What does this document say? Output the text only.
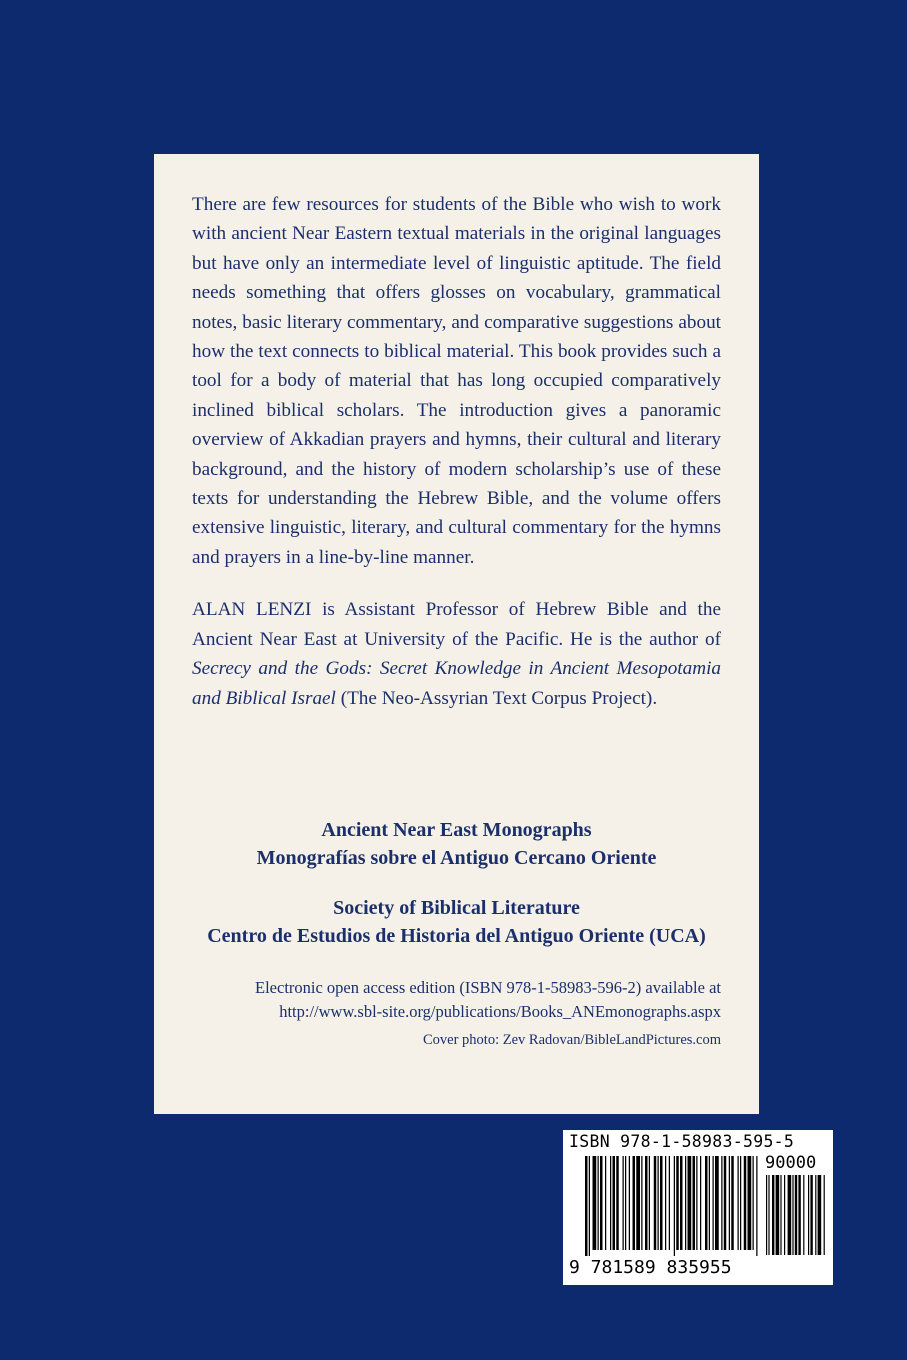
There are few resources for students of the Bible who wish to work with ancient Near Eastern textual materials in the original languages but have only an intermediate level of linguistic aptitude. The field needs something that offers glosses on vocabulary, grammatical notes, basic literary commentary, and comparative suggestions about how the text connects to biblical material. This book provides such a tool for a body of material that has long occupied comparatively inclined biblical scholars. The introduction gives a panoramic overview of Akkadian prayers and hymns, their cultural and literary background, and the history of modern scholarship’s use of these texts for understanding the Hebrew Bible, and the volume offers extensive linguistic, literary, and cultural commentary for the hymns and prayers in a line-by-line manner.

ALAN LENZI is Assistant Professor of Hebrew Bible and the Ancient Near East at University of the Pacific. He is the author of Secrecy and the Gods: Secret Knowledge in Ancient Mesopotamia and Biblical Israel (The Neo-Assyrian Text Corpus Project).

Ancient Near East Monographs
Monografías sobre el Antiguo Cercano Oriente
Society of Biblical Literature
Centro de Estudios de Historia del Antiguo Oriente (UCA)
Electronic open access edition (ISBN 978-1-58983-596-2) available at
http://www.sbl-site.org/publications/Books_ANEmonographs.aspx
Cover photo: Zev Radovan/BibleLandPictures.com
ISBN 978-1-58983-595-5
90000
9 781589 835955
